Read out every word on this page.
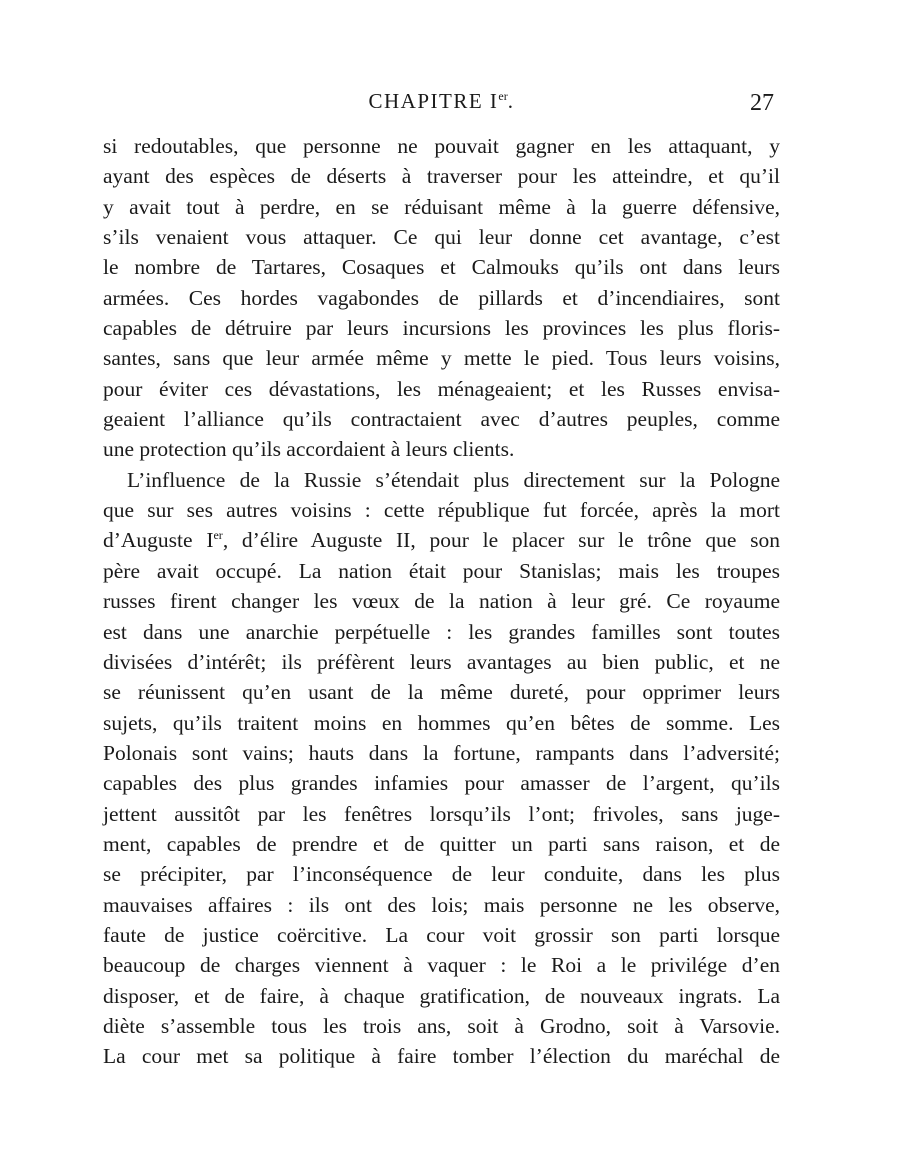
CHAPITRE Ier.	27
si redoutables, que personne ne pouvait gagner en les attaquant, y
ayant des espèces de déserts à traverser pour les atteindre, et qu’il
y avait tout à perdre, en se réduisant même à la guerre défensive,
s’ils venaient vous attaquer. Ce qui leur donne cet avantage, c’est
le nombre de Tartares, Cosaques et Calmouks qu’ils ont dans leurs
armées. Ces hordes vagabondes de pillards et d’incendiaires, sont
capables de détruire par leurs incursions les provinces les plus floris-
santes, sans que leur armée même y mette le pied. Tous leurs voisins,
pour éviter ces dévastations, les ménageaient; et les Russes envisa-
geaient l’alliance qu’ils contractaient avec d’autres peuples, comme
une protection qu’ils accordaient à leurs clients.
L’influence de la Russie s’étendait plus directement sur la Pologne
que sur ses autres voisins : cette république fut forcée, après la mort
d’Auguste Ier, d’élire Auguste II, pour le placer sur le trône que son
père avait occupé. La nation était pour Stanislas; mais les troupes
russes firent changer les vœux de la nation à leur gré. Ce royaume
est dans une anarchie perpétuelle : les grandes familles sont toutes
divisées d’intérêt; ils préfèrent leurs avantages au bien public, et ne
se réunissent qu’en usant de la même dureté, pour opprimer leurs
sujets, qu’ils traitent moins en hommes qu’en bêtes de somme. Les
Polonais sont vains; hauts dans la fortune, rampants dans l’adversité;
capables des plus grandes infamies pour amasser de l’argent, qu’ils
jettent aussitôt par les fenêtres lorsqu’ils l’ont; frivoles, sans juge-
ment, capables de prendre et de quitter un parti sans raison, et de
se précipiter, par l’inconséquence de leur conduite, dans les plus
mauvaises affaires : ils ont des lois; mais personne ne les observe,
faute de justice coërcitive. La cour voit grossir son parti lorsque
beaucoup de charges viennent à vaquer : le Roi a le privilége d’en
disposer, et de faire, à chaque gratification, de nouveaux ingrats. La
diète s’assemble tous les trois ans, soit à Grodno, soit à Varsovie.
La cour met sa politique à faire tomber l’élection du maréchal de
